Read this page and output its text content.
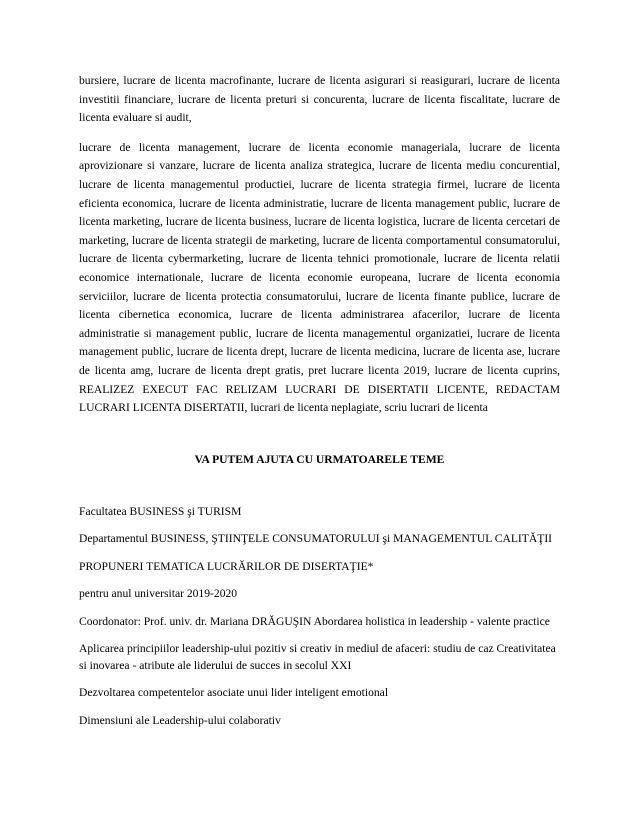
bursiere, lucrare de licenta macrofinante, lucrare de licenta asigurari si reasigurari, lucrare de licenta investitii financiare, lucrare de licenta preturi si concurenta, lucrare de licenta fiscalitate, lucrare de licenta evaluare si audit,

lucrare de licenta management, lucrare de licenta economie manageriala, lucrare de licenta aprovizionare si vanzare, lucrare de licenta analiza strategica, lucrare de licenta mediu concurential, lucrare de licenta managementul productiei, lucrare de licenta strategia firmei, lucrare de licenta eficienta economica, lucrare de licenta administratie, lucrare de licenta management public, lucrare de licenta marketing, lucrare de licenta business, lucrare de licenta logistica, lucrare de licenta cercetari de marketing, lucrare de licenta strategii de marketing, lucrare de licenta comportamentul consumatorului, lucrare de licenta cybermarketing, lucrare de licenta tehnici promotionale, lucrare de licenta relatii economice internationale, lucrare de licenta economie europeana, lucrare de licenta economia serviciilor, lucrare de licenta protectia consumatorului, lucrare de licenta finante publice, lucrare de licenta cibernetica economica, lucrare de licenta administrarea afacerilor, lucrare de licenta administratie si management public, lucrare de licenta managementul organizatiei, lucrare de licenta management public, lucrare de licenta drept, lucrare de licenta medicina, lucrare de licenta ase, lucrare de licenta amg, lucrare de licenta drept gratis, pret lucrare licenta 2019, lucrare de licenta cuprins, REALIZEZ EXECUT FAC RELIZAM LUCRARI DE DISERTATII LICENTE, REDACTAM LUCRARI LICENTA DISERTATII, lucrari de licenta neplagiate, scriu lucrari de licenta

VA PUTEM AJUTA CU URMATOARELE TEME

Facultatea BUSINESS şi TURISM

Departamentul BUSINESS, ŞTIINŢELE CONSUMATORULUI şi MANAGEMENTUL CALITĂŢII

PROPUNERI TEMATICA LUCRĂRILOR DE DISERTAŢIE*

pentru anul universitar 2019-2020

Coordonator: Prof. univ. dr. Mariana DRĂGUŞIN Abordarea holistica in leadership - valente practice

Aplicarea principiilor leadership-ului pozitiv si creativ in mediul de afaceri: studiu de caz Creativitatea si inovarea - atribute ale liderului de succes in secolul XXI

Dezvoltarea competentelor asociate unui lider inteligent emotional

Dimensiuni ale Leadership-ului colaborativ
